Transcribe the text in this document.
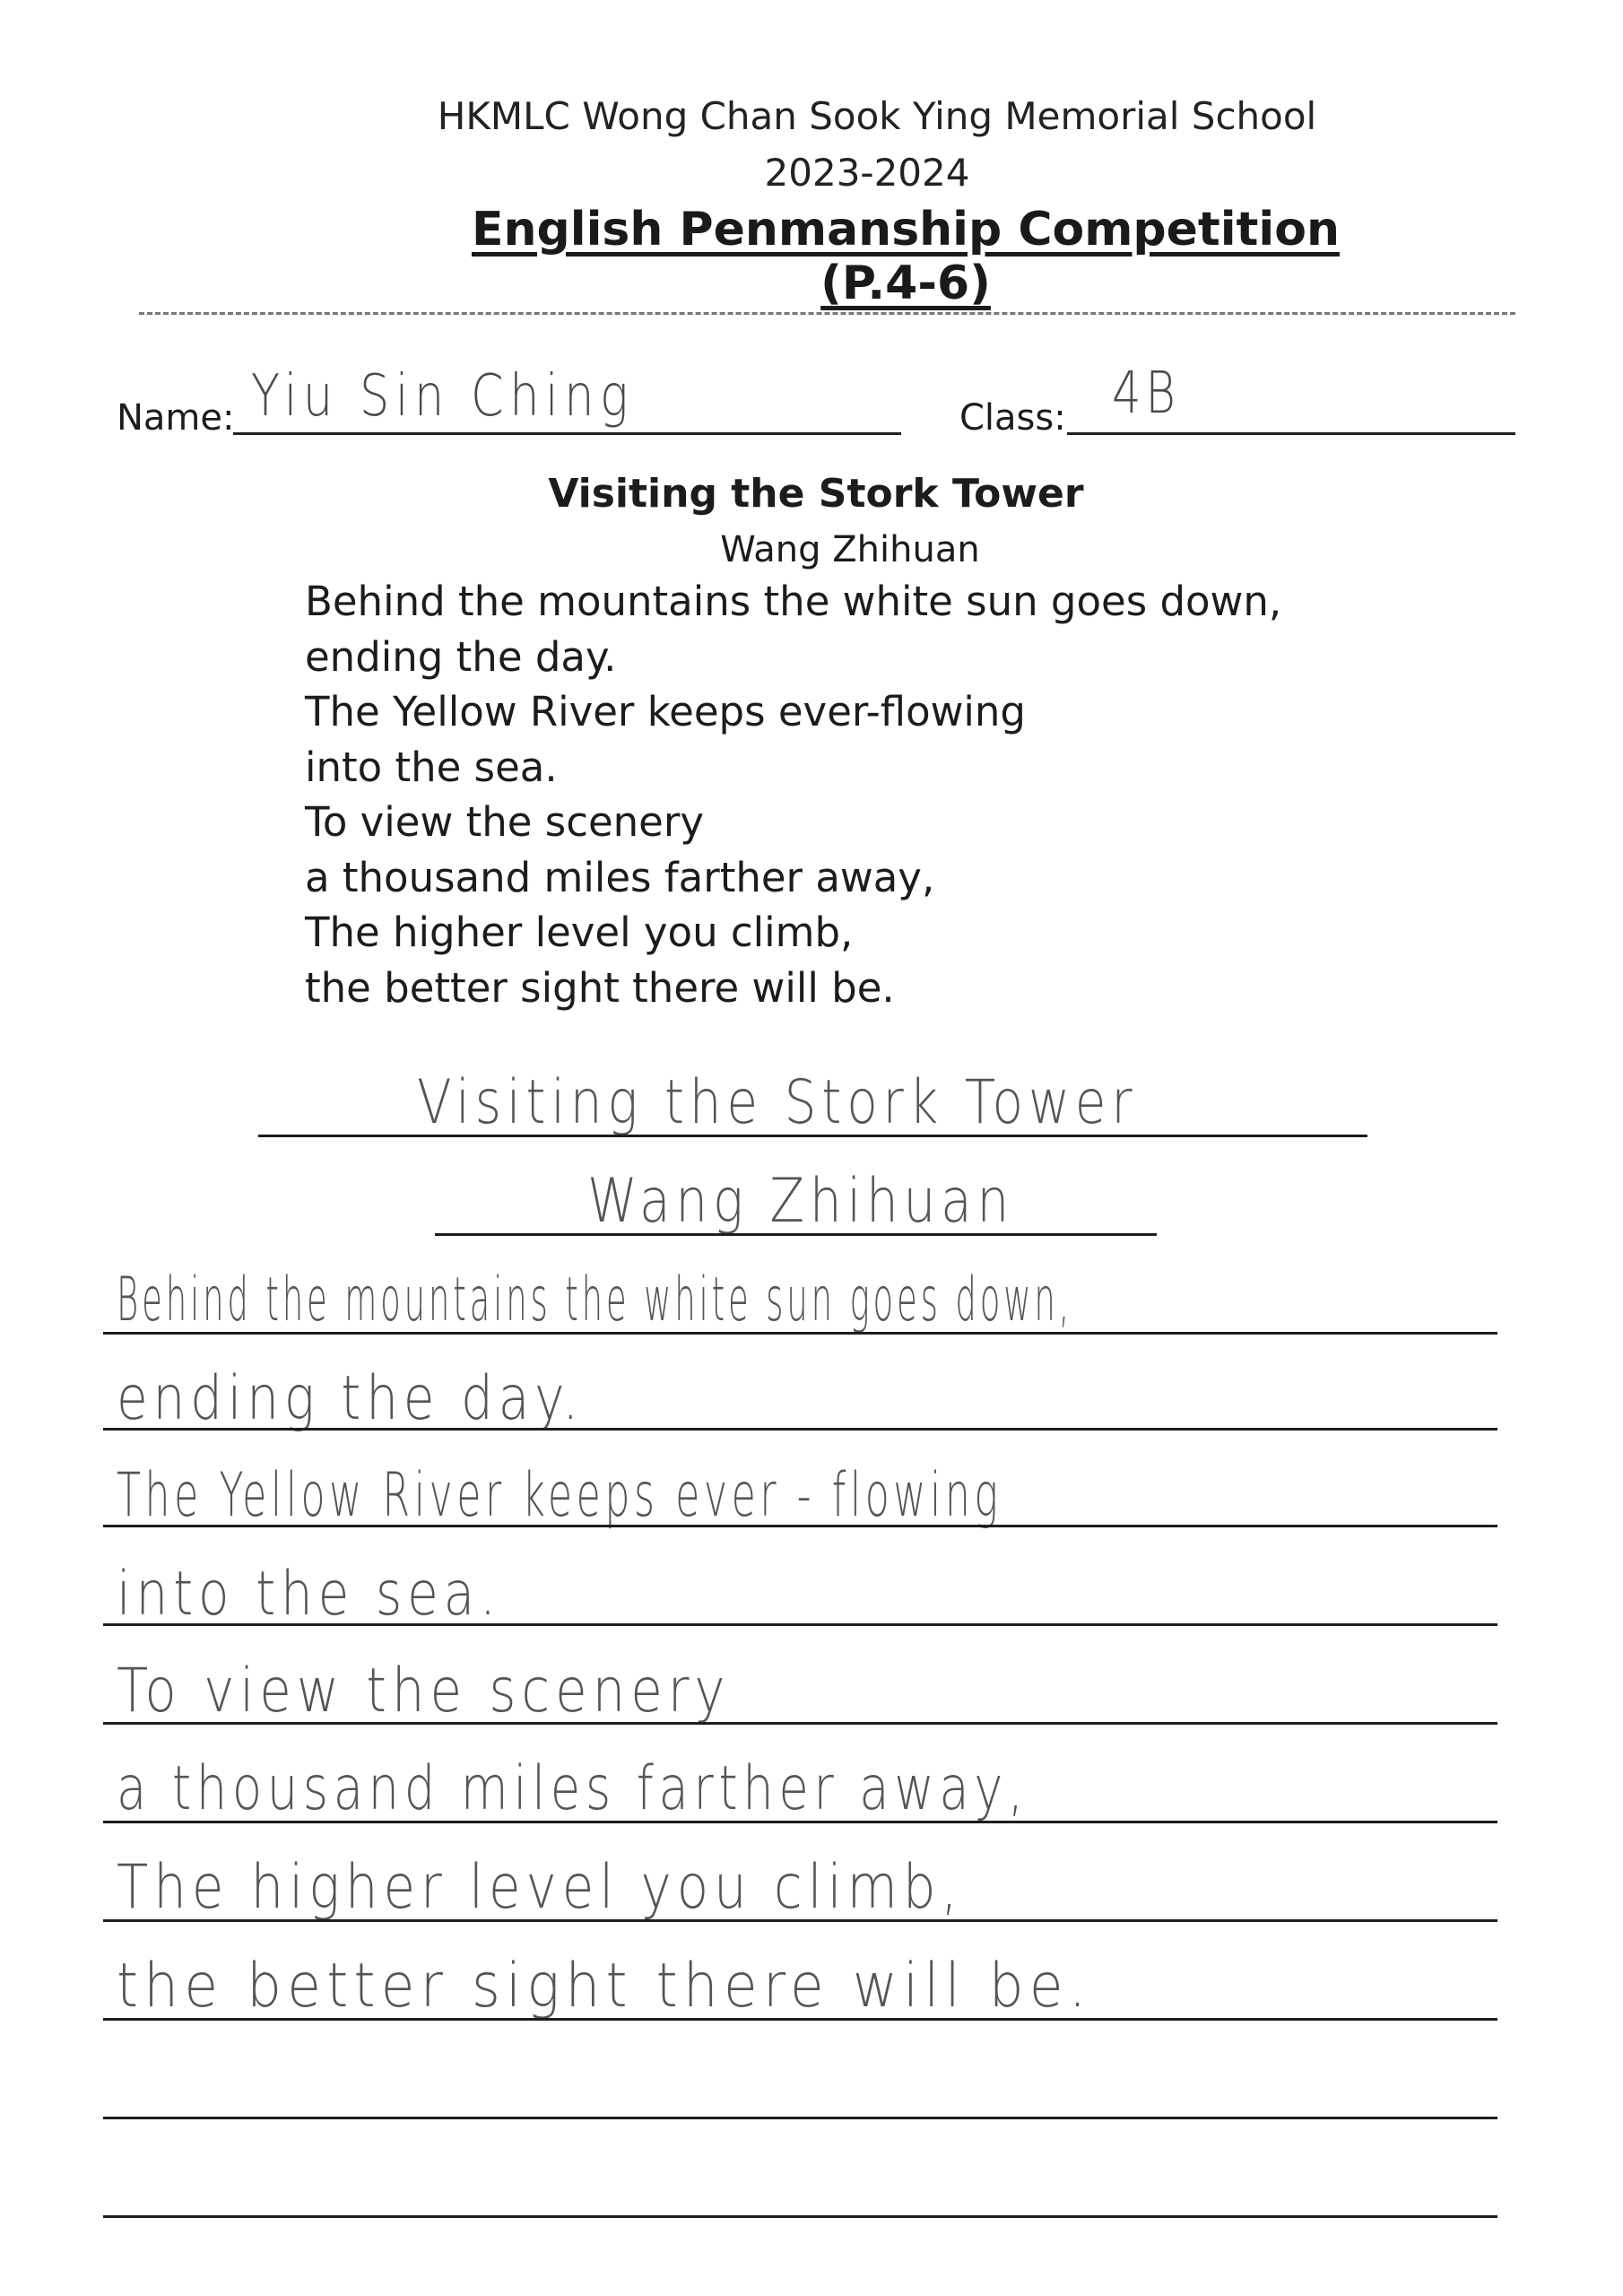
HKMLC Wong Chan Sook Ying Memorial School
2023-2024
English Penmanship Competition (P.4-6)
Name: Yiu Sin Ching	Class: 4B
Visiting the Stork Tower
Wang Zhihuan
Behind the mountains the white sun goes down,
ending the day.
The Yellow River keeps ever-flowing
into the sea.
To view the scenery
a thousand miles farther away,
The higher level you climb,
the better sight there will be.
Visiting the Stork Tower
Wang Zhihuan
Behind the mountains the white sun goes down,
ending the day.
The Yellow River keeps ever - flowing
into the sea.
To view the scenery
a thousand miles farther away,
The higher level you climb,
the better sight there will be.
